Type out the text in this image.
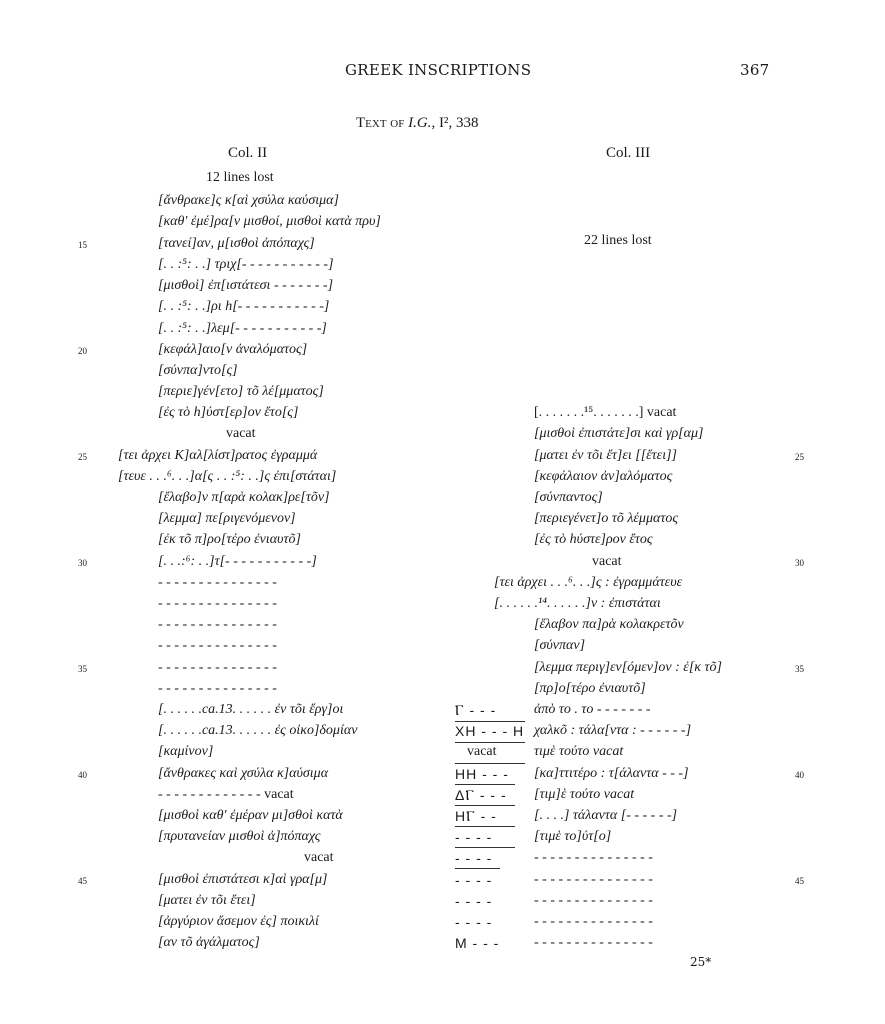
GREEK INSCRIPTIONS	367
Text of I.G., I², 338
Col. II	Col. III
12 lines lost
[ἄνθρακε]ς κ[αὶ χσύλα καύσιμα]
[καθ' ἐμέ]ρα[ν μισθοί, μισθοὶ κατὰ πρυ]
[τανεί]αν, μ[ισθοὶ ἀπόπαχς]
[. . :⁵: . .] τριχ[- - - - - - - - - - -]
[μισθοὶ] ἐπ[ιστάτεσι - - - - - - -]
[. . :⁵: . .]ρι h[- - - - - - - - - - -]
[. . :⁵: . .]λεμ[- - - - - - - - - - -]
[κεφάλ]αιο[ν ἀναλόματος]
[σύνπα]ντο[ς]
[περιε]γέν[ετο] τõ λέ[μματος]
[ἐς τὸ h]ύστ[ερ]ον ἔτο[ς]
vacat
[τει ἀρχει Κ]αλ[λίστ]ρατος ἐγραμμά
[τευε . . .⁶. . .]α[ς . . :⁵: . .]ς ἐπι[στάται]
[ἔλαβο]ν π[αρὰ κολακ]ρε[τõν]
[λεμμα] πε[ριγενόμενον]
[ἐκ τõ π]ρο[τέρο ἐνιαυτõ]
[. . .:⁶: . .]τ[- - - - - - - - - - -]
- - - - - - - - - - - - - - -
- - - - - - - - - - - - - - -
- - - - - - - - - - - - - - -
- - - - - - - - - - - - - - -
- - - - - - - - - - - - - - -
- - - - - - - - - - - - - - -
[. . . . . .ca.13. . . . . . ἐν τõι ἔργ]οι
[. . . . . .ca.13. . . . . . ἐς οἰκο]δομίαν
[καμίνον]
[ἄνθρακες καὶ χσύλα κ]αύσιμα
- - - - - - - - - - - - - vacat
[μισθοὶ καθ' ἐμέραν μι]σθοὶ κατὰ
[πρυτανείαν μισθοὶ ἀ]πόπαχς
vacat
[μισθοὶ ἐπιστάτεσι κ]αὶ γρα[μ]
[ματει ἐν τõι ἔτει]
[ἀργύριον ἄσεμον ἐς] ποικιλί
[αν τõ ἀγάλματος]
15
20
25
30
35
40
45
Ⲅ - - -
ΧΗ - - - Η
vacat
ΗΗ - - -
ΔⲄ - - -
ΗⲄ - -
- - - -
- - - -
- - - -
- - - -
- - - -
Μ - - -
22 lines lost
[. . . . . . .¹⁵. . . . . . .] vacat
[μισθοὶ ἐπιστάτε]σι καὶ γρ[αμ]
[ματει ἐν τõι ἔτ]ει [[ἔτει]]
[κεφάλαιον ἀν]αλόματος
[σύνπαντος]
[περιεγένετ]ο τõ λέμματος
[ἐς τὸ hύστε]ρον ἔτος
vacat
[τει ἀρχει . . .⁶. . .]ς : ἐγραμμάτευε
[. . . . . .¹⁴. . . . . .]ν : ἐπιστάται
[ἔλαβον πα]ρὰ κολακρετõν
[σύνπαν]
[λεμμα περιγ]εν[όμεν]ον : ἐ[κ τõ]
[πρ]ο[τέρο ἐνιαυτõ]
ἀπὸ το . το - - - - - - -
χαλκõ : τάλα[ντα : - - - - - -]
τιμὲ τούτο vacat
[κα]ττιτέρο : τ[άλαντα - - -]
[τιμ]ὲ τούτο vacat
[. . . .] τάλαντα [- - - - - -]
[τιμὲ το]ύτ[ο]
- - - - - - - - - - - - - - -
- - - - - - - - - - - - - - -
- - - - - - - - - - - - - - -
- - - - - - - - - - - - - - -
- - - - - - - - - - - - - - -
25
30
35
40
45
25*
